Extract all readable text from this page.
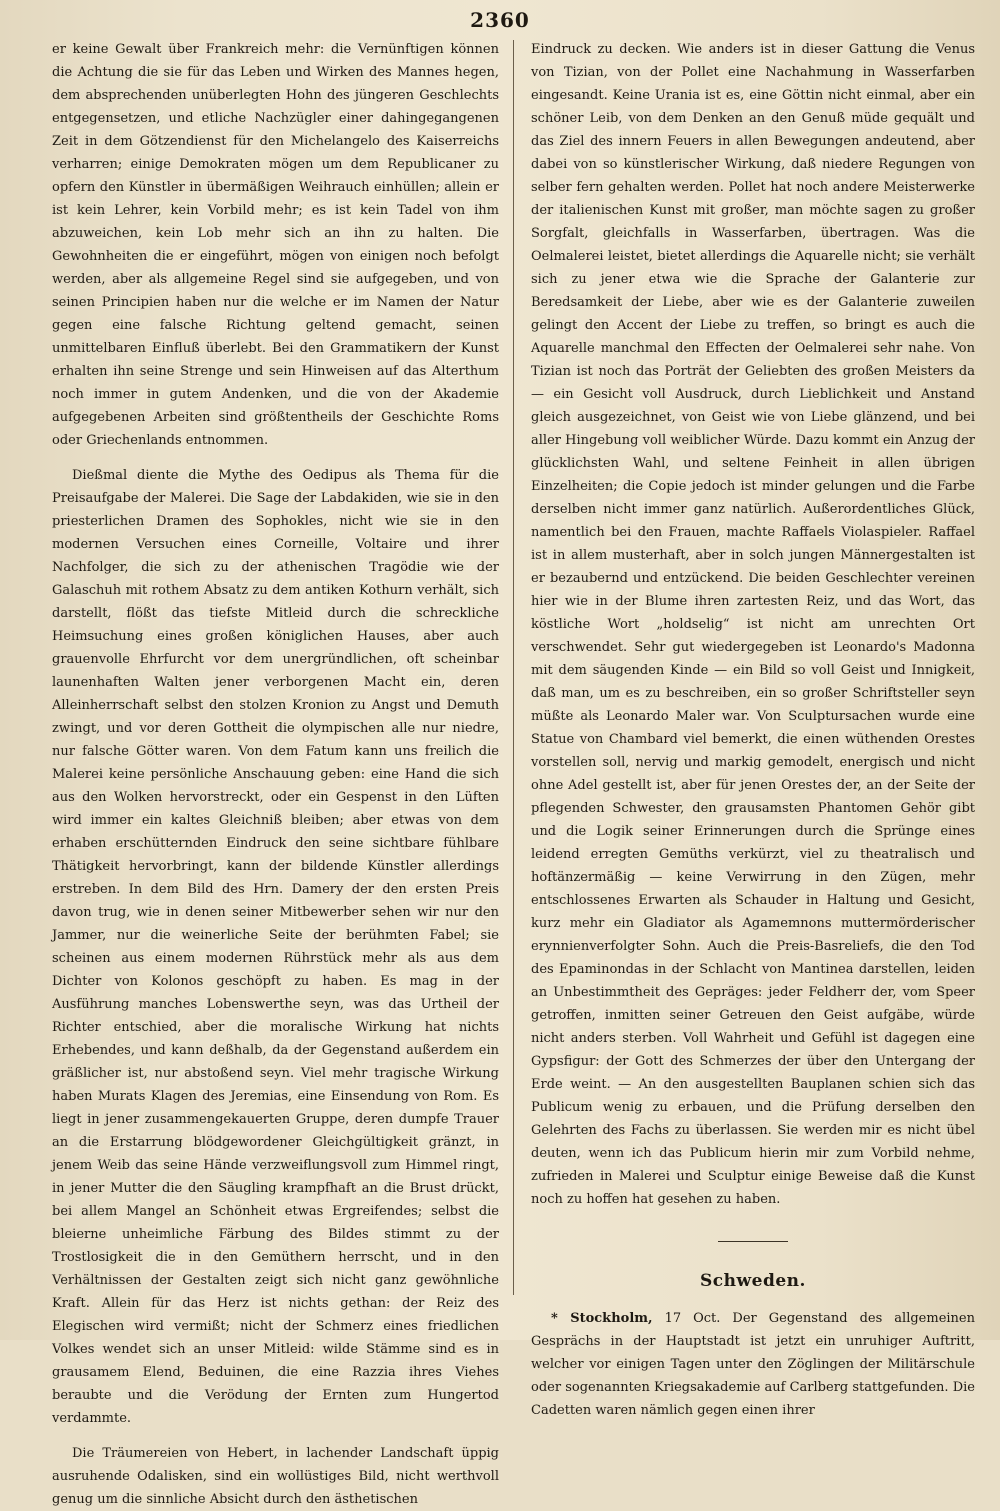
2360

er keine Gewalt über Frankreich mehr: die Vernünftigen können die Achtung die sie für das Leben und Wirken des Mannes hegen, dem absprechenden unüberlegten Hohn des jüngeren Geschlechts entgegensetzen, und etliche Nachzügler einer dahingegangenen Zeit in dem Götzendienst für den Michelangelo des Kaiserreichs verharren; einige Demokraten mögen um dem Republicaner zu opfern den Künstler in übermäßigen Weihrauch einhüllen; allein er ist kein Lehrer, kein Vorbild mehr; es ist kein Tadel von ihm abzuweichen, kein Lob mehr sich an ihn zu halten. Die Gewohnheiten die er eingeführt, mögen von einigen noch befolgt werden, aber als allgemeine Regel sind sie aufgegeben, und von seinen Principien haben nur die welche er im Namen der Natur gegen eine falsche Richtung geltend gemacht, seinen unmittelbaren Einfluß überlebt. Bei den Grammatikern der Kunst erhalten ihn seine Strenge und sein Hinweisen auf das Alterthum noch immer in gutem Andenken, und die von der Akademie aufgegebenen Arbeiten sind größtentheils der Geschichte Roms oder Griechenlands entnommen.

Dießmal diente die Mythe des Oedipus als Thema für die Preisaufgabe der Malerei. Die Sage der Labdakiden, wie sie in den priesterlichen Dramen des Sophokles, nicht wie sie in den modernen Versuchen eines Corneille, Voltaire und ihrer Nachfolger, die sich zu der athenischen Tragödie wie der Galaschuh mit rothem Absatz zu dem antiken Kothurn verhält, sich darstellt, flößt das tiefste Mitleid durch die schreckliche Heimsuchung eines großen königlichen Hauses, aber auch grauenvolle Ehrfurcht vor dem unergründlichen, oft scheinbar launenhaften Walten jener verborgenen Macht ein, deren Alleinherrschaft selbst den stolzen Kronion zu Angst und Demuth zwingt, und vor deren Gottheit die olympischen alle nur niedre, nur falsche Götter waren. Von dem Fatum kann uns freilich die Malerei keine persönliche Anschauung geben: eine Hand die sich aus den Wolken hervorstreckt, oder ein Gespenst in den Lüften wird immer ein kaltes Gleichniß bleiben; aber etwas von dem erhaben erschütternden Eindruck den seine sichtbare fühlbare Thätigkeit hervorbringt, kann der bildende Künstler allerdings erstreben. In dem Bild des Hrn. Damery der den ersten Preis davon trug, wie in denen seiner Mitbewerber sehen wir nur den Jammer, nur die weinerliche Seite der berühmten Fabel; sie scheinen aus einem modernen Rührstück mehr als aus dem Dichter von Kolonos geschöpft zu haben. Es mag in der Ausführung manches Lobenswerthe seyn, was das Urtheil der Richter entschied, aber die moralische Wirkung hat nichts Erhebendes, und kann deßhalb, da der Gegenstand außerdem ein gräßlicher ist, nur abstoßend seyn. Viel mehr tragische Wirkung haben Murats Klagen des Jeremias, eine Einsendung von Rom. Es liegt in jener zusammengekauerten Gruppe, deren dumpfe Trauer an die Erstarrung blödgewordener Gleichgültigkeit gränzt, in jenem Weib das seine Hände verzweiflungsvoll zum Himmel ringt, in jener Mutter die den Säugling krampfhaft an die Brust drückt, bei allem Mangel an Schönheit etwas Ergreifendes; selbst die bleierne unheimliche Färbung des Bildes stimmt zu der Trostlosigkeit die in den Gemüthern herrscht, und in den Verhältnissen der Gestalten zeigt sich nicht ganz gewöhnliche Kraft. Allein für das Herz ist nichts gethan: der Reiz des Elegischen wird vermißt; nicht der Schmerz eines friedlichen Volkes wendet sich an unser Mitleid: wilde Stämme sind es in grausamem Elend, Beduinen, die eine Razzia ihres Viehes beraubte und die Verödung der Ernten zum Hungertod verdammte.

Die Träumereien von Hebert, in lachender Landschaft üppig ausruhende Odalisken, sind ein wollüstiges Bild, nicht werthvoll genug um die sinnliche Absicht durch den ästhetischen

Eindruck zu decken. Wie anders ist in dieser Gattung die Venus von Tizian, von der Pollet eine Nachahmung in Wasserfarben eingesandt. Keine Urania ist es, eine Göttin nicht einmal, aber ein schöner Leib, von dem Denken an den Genuß müde gequält und das Ziel des innern Feuers in allen Bewegungen andeutend, aber dabei von so künstlerischer Wirkung, daß niedere Regungen von selber fern gehalten werden. Pollet hat noch andere Meisterwerke der italienischen Kunst mit großer, man möchte sagen zu großer Sorgfalt, gleichfalls in Wasserfarben, übertragen. Was die Oelmalerei leistet, bietet allerdings die Aquarelle nicht; sie verhält sich zu jener etwa wie die Sprache der Galanterie zur Beredsamkeit der Liebe, aber wie es der Galanterie zuweilen gelingt den Accent der Liebe zu treffen, so bringt es auch die Aquarelle manchmal den Effecten der Oelmalerei sehr nahe. Von Tizian ist noch das Porträt der Geliebten des großen Meisters da — ein Gesicht voll Ausdruck, durch Lieblichkeit und Anstand gleich ausgezeichnet, von Geist wie von Liebe glänzend, und bei aller Hingebung voll weiblicher Würde. Dazu kommt ein Anzug der glücklichsten Wahl, und seltene Feinheit in allen übrigen Einzelheiten; die Copie jedoch ist minder gelungen und die Farbe derselben nicht immer ganz natürlich. Außerordentliches Glück, namentlich bei den Frauen, machte Raffaels Violaspieler. Raffael ist in allem musterhaft, aber in solch jungen Männergestalten ist er bezaubernd und entzückend. Die beiden Geschlechter vereinen hier wie in der Blume ihren zartesten Reiz, und das Wort, das köstliche Wort „holdselig“ ist nicht am unrechten Ort verschwendet. Sehr gut wiedergegeben ist Leonardo's Madonna mit dem säugenden Kinde — ein Bild so voll Geist und Innigkeit, daß man, um es zu beschreiben, ein so großer Schriftsteller seyn müßte als Leonardo Maler war. Von Sculptursachen wurde eine Statue von Chambard viel bemerkt, die einen wüthenden Orestes vorstellen soll, nervig und markig gemodelt, energisch und nicht ohne Adel gestellt ist, aber für jenen Orestes der, an der Seite der pflegenden Schwester, den grausamsten Phantomen Gehör gibt und die Logik seiner Erinnerungen durch die Sprünge eines leidend erregten Gemüths verkürzt, viel zu theatralisch und hoftänzermäßig — keine Verwirrung in den Zügen, mehr entschlossenes Erwarten als Schauder in Haltung und Gesicht, kurz mehr ein Gladiator als Agamemnons muttermörderischer erynnienverfolgter Sohn. Auch die Preis-Basreliefs, die den Tod des Epaminondas in der Schlacht von Mantinea darstellen, leiden an Unbestimmtheit des Gepräges: jeder Feldherr der, vom Speer getroffen, inmitten seiner Getreuen den Geist aufgäbe, würde nicht anders sterben. Voll Wahrheit und Gefühl ist dagegen eine Gypsfigur: der Gott des Schmerzes der über den Untergang der Erde weint. — An den ausgestellten Bauplanen schien sich das Publicum wenig zu erbauen, und die Prüfung derselben den Gelehrten des Fachs zu überlassen. Sie werden mir es nicht übel deuten, wenn ich das Publicum hierin mir zum Vorbild nehme, zufrieden in Malerei und Sculptur einige Beweise daß die Kunst noch zu hoffen hat gesehen zu haben.

Schweden.

* Stockholm, 17 Oct. Der Gegenstand des allgemeinen Gesprächs in der Hauptstadt ist jetzt ein unruhiger Auftritt, welcher vor einigen Tagen unter den Zöglingen der Militärschule oder sogenannten Kriegsakademie auf Carlberg stattgefunden. Die Cadetten waren nämlich gegen einen ihrer
